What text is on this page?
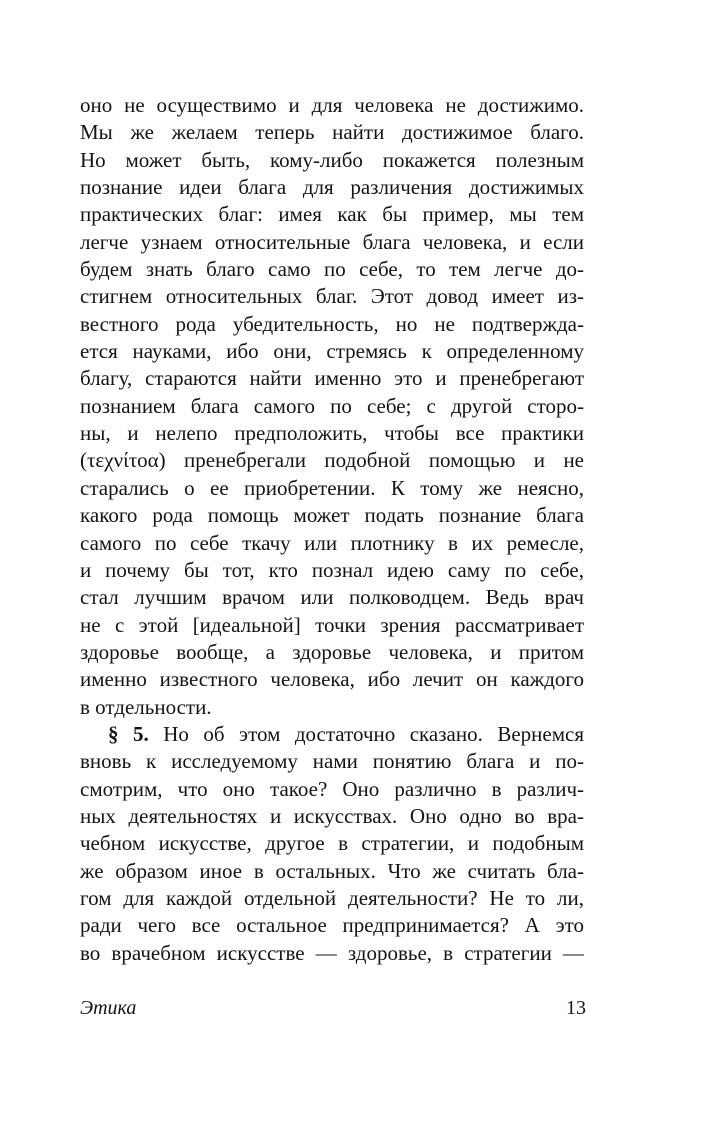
оно не осуществимо и для человека не достижимо.
Мы же желаем теперь найти достижимое благо.
Но может быть, кому-либо покажется полезным
познание идеи блага для различения достижимых
практических благ: имея как бы пример, мы тем
легче узнаем относительные блага человека, и если
будем знать благо само по себе, то тем легче до-
стигнем относительных благ. Этот довод имеет из-
вестного рода убедительность, но не подтвержда-
ется науками, ибо они, стремясь к определенному
благу, стараются найти именно это и пренебрегают
познанием блага самого по себе; с другой сторо-
ны, и нелепо предположить, чтобы все практики
(τεχνίτοα) пренебрегали подобной помощью и не
старались о ее приобретении. К тому же неясно,
какого рода помощь может подать познание блага
самого по себе ткачу или плотнику в их ремесле,
и почему бы тот, кто познал идею саму по себе,
стал лучшим врачом или полководцем. Ведь врач
не с этой [идеальной] точки зрения рассматривает
здоровье вообще, а здоровье человека, и притом
именно известного человека, ибо лечит он каждого
в отдельности.
§ 5. Но об этом достаточно сказано. Вернемся
вновь к исследуемому нами понятию блага и по-
смотрим, что оно такое? Оно различно в различ-
ных деятельностях и искусствах. Оно одно во вра-
чебном искусстве, другое в стратегии, и подобным
же образом иное в остальных. Что же считать бла-
гом для каждой отдельной деятельности? Не то ли,
ради чего все остальное предпринимается? А это
во врачебном искусстве — здоровье, в стратегии —
Этика	13
